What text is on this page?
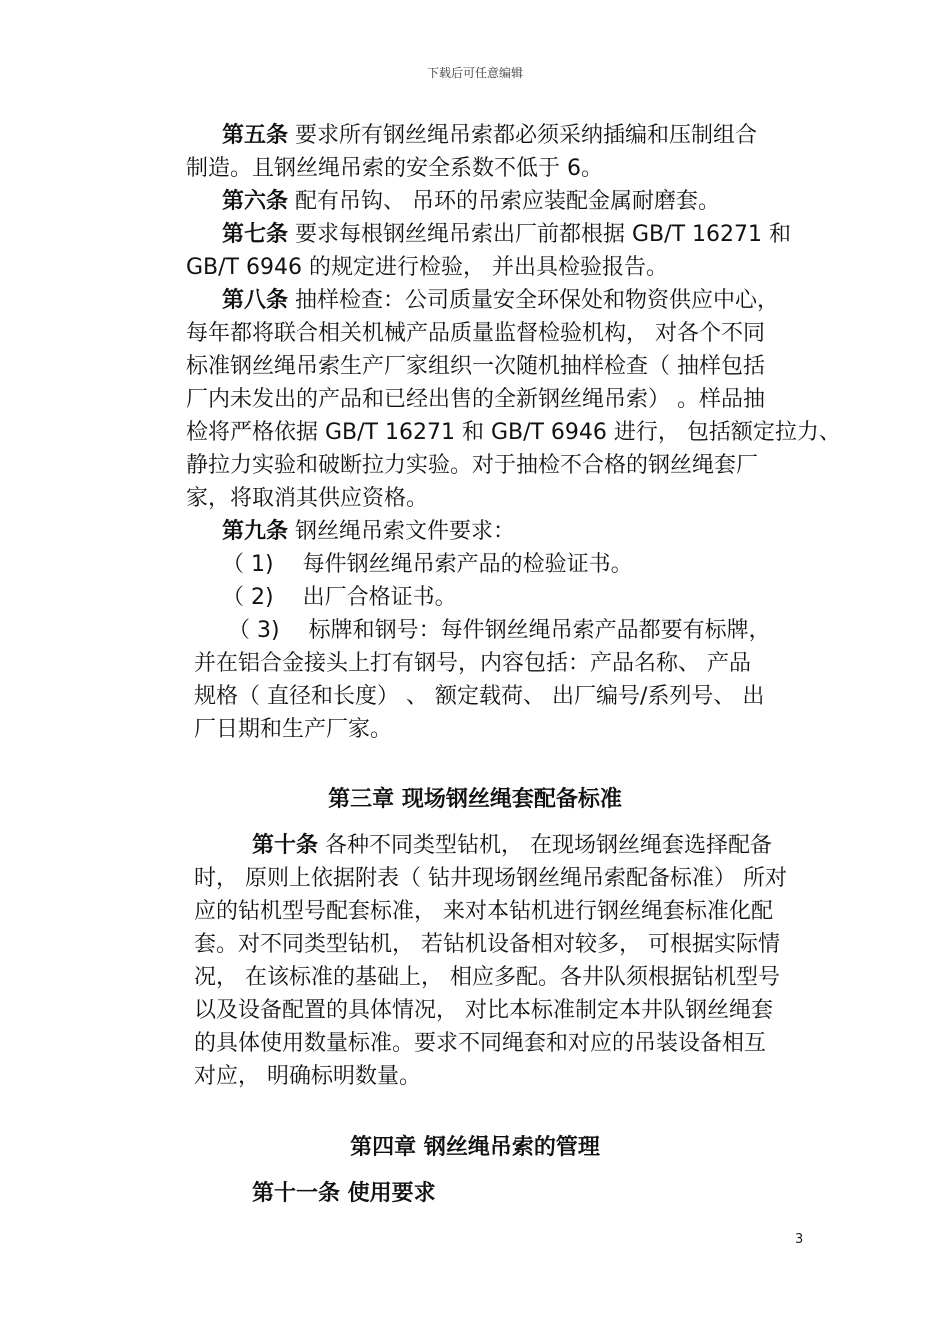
下载后可任意编辑
第五条 要求所有钢丝绳吊索都必须采纳插编和压制组合
制造。且钢丝绳吊索的安全系数不低于 6。
第六条 配有吊钩、 吊环的吊索应装配金属耐磨套。
第七条 要求每根钢丝绳吊索出厂前都根据 GB/T 16271 和
GB/T 6946 的规定进行检验， 并出具检验报告。
第八条 抽样检查：公司质量安全环保处和物资供应中心，
每年都将联合相关机械产品质量监督检验机构， 对各个不同
标准钢丝绳吊索生产厂家组织一次随机抽样检查（ 抽样包括
厂内未发出的产品和已经出售的全新钢丝绳吊索） 。样品抽
检将严格依据 GB/T 16271 和 GB/T 6946 进行， 包括额定拉力、
静拉力实验和破断拉力实验。对于抽检不合格的钢丝绳套厂
家，将取消其供应资格。
第九条 钢丝绳吊索文件要求：
（ 1)　 每件钢丝绳吊索产品的检验证书。
（ 2)　 出厂合格证书。
（ 3)　 标牌和钢号：每件钢丝绳吊索产品都要有标牌，
并在铝合金接头上打有钢号，内容包括：产品名称、 产品
规格（ 直径和长度） 、 额定载荷、 出厂编号/系列号、 出
厂日期和生产厂家。
第三章 现场钢丝绳套配备标准
第十条 各种不同类型钻机， 在现场钢丝绳套选择配备
时， 原则上依据附表（ 钻井现场钢丝绳吊索配备标准） 所对
应的钻机型号配套标准， 来对本钻机进行钢丝绳套标准化配
套。对不同类型钻机， 若钻机设备相对较多， 可根据实际情
况， 在该标准的基础上， 相应多配。各井队须根据钻机型号
以及设备配置的具体情况， 对比本标准制定本井队钢丝绳套
的具体使用数量标准。要求不同绳套和对应的吊装设备相互
对应， 明确标明数量。
第四章 钢丝绳吊索的管理
第十一条 使用要求
3
